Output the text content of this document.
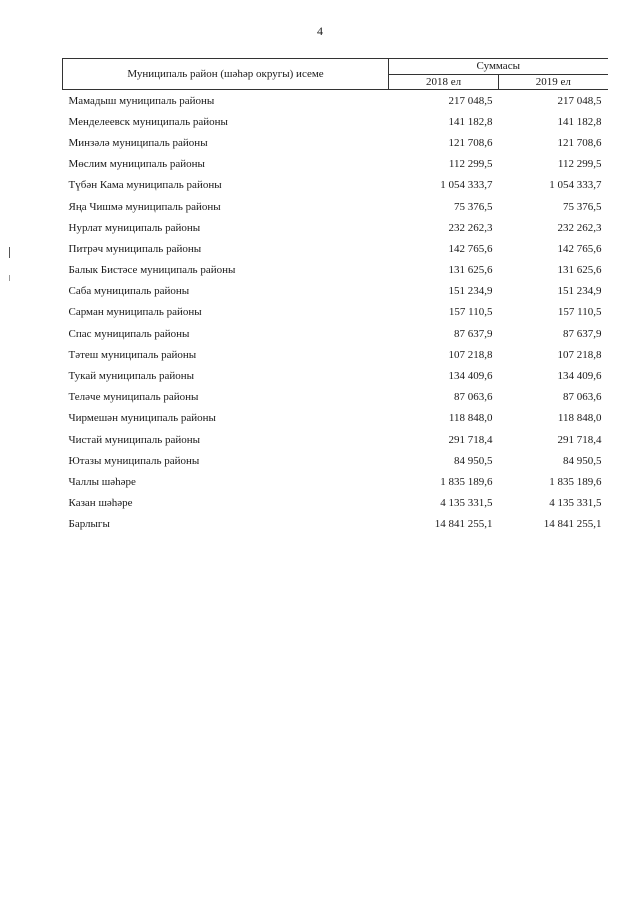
4
Муниципаль район (шәһәр округы) исеме	Суммасы	
	2018 ел	2019 ел
Мамадыш муниципаль районы	217 048,5	217 048,5
Менделеевск муниципаль районы	141 182,8	141 182,8
Минзәлә муниципаль районы	121 708,6	121 708,6
Мөслим муниципаль районы	112 299,5	112 299,5
Түбән Кама муниципаль районы	1 054 333,7	1 054 333,7
Яңа Чишмә муниципаль районы	75 376,5	75 376,5
Нурлат муниципаль районы	232 262,3	232 262,3
Питрәч муниципаль районы	142 765,6	142 765,6
Балык Бистәсе муниципаль районы	131 625,6	131 625,6
Саба муниципаль районы	151 234,9	151 234,9
Сарман муниципаль районы	157 110,5	157 110,5
Спас муниципаль районы	87 637,9	87 637,9
Тәтеш муниципаль районы	107 218,8	107 218,8
Тукай муниципаль районы	134 409,6	134 409,6
Теләче муниципаль районы	87 063,6	87 063,6
Чирмешән муниципаль районы	118 848,0	118 848,0
Чистай муниципаль районы	291 718,4	291 718,4
Ютазы муниципаль районы	84 950,5	84 950,5
Чаллы шәһәре	1 835 189,6	1 835 189,6
Казан шәһәре	4 135 331,5	4 135 331,5
Барлыгы	14 841 255,1	14 841 255,1
